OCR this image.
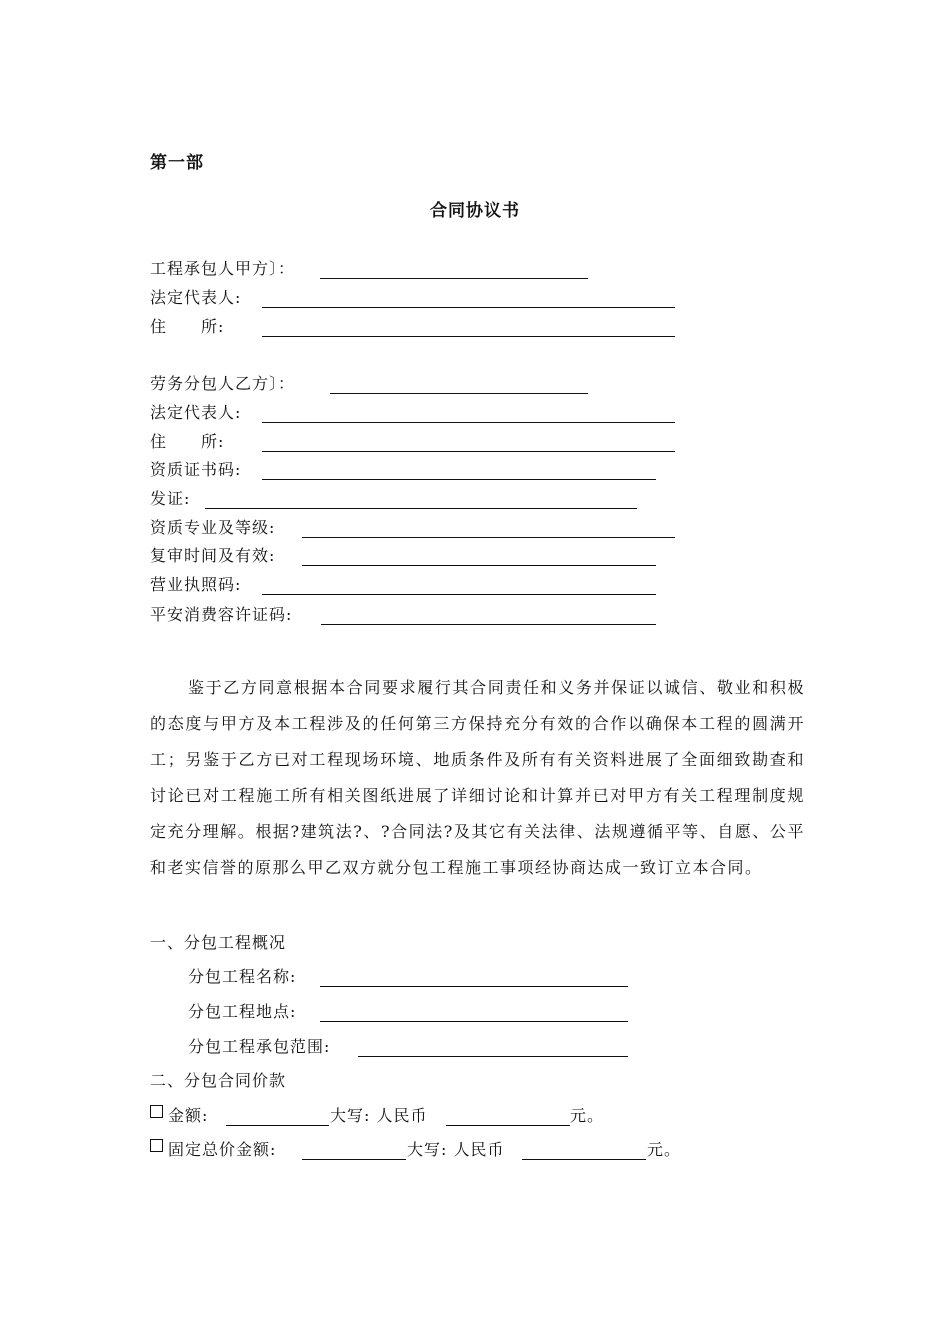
第一部
合同协议书
工程承包人甲方〕：
法定代表人:
住　　所:
劳务分包人乙方〕：
法定代表人:
住　　所:
资质证书码:
发证:
资质专业及等级:
复审时间及有效:
营业执照码:
平安消费容许证码:
鉴于乙方同意根据本合同要求履行其合同责任和义务并保证以诚信、敬业和积极的态度与甲方及本工程涉及的任何第三方保持充分有效的合作以确保本工程的圆满开工；另鉴于乙方已对工程现场环境、地质条件及所有有关资料进展了全面细致勘查和讨论已对工程施工所有相关图纸进展了详细讨论和计算并已对甲方有关工程理制度规定充分理解。根据?建筑法?、?合同法?及其它有关法律、法规遵循平等、自愿、公平和老实信誉的原那么甲乙双方就分包工程施工事项经协商达成一致订立本合同。
一、分包工程概况
分包工程名称:
分包工程地点:
分包工程承包范围:
二、分包合同价款
金额:	大写: 人民币	元。
固定总价金额:	大写: 人民币	元。
